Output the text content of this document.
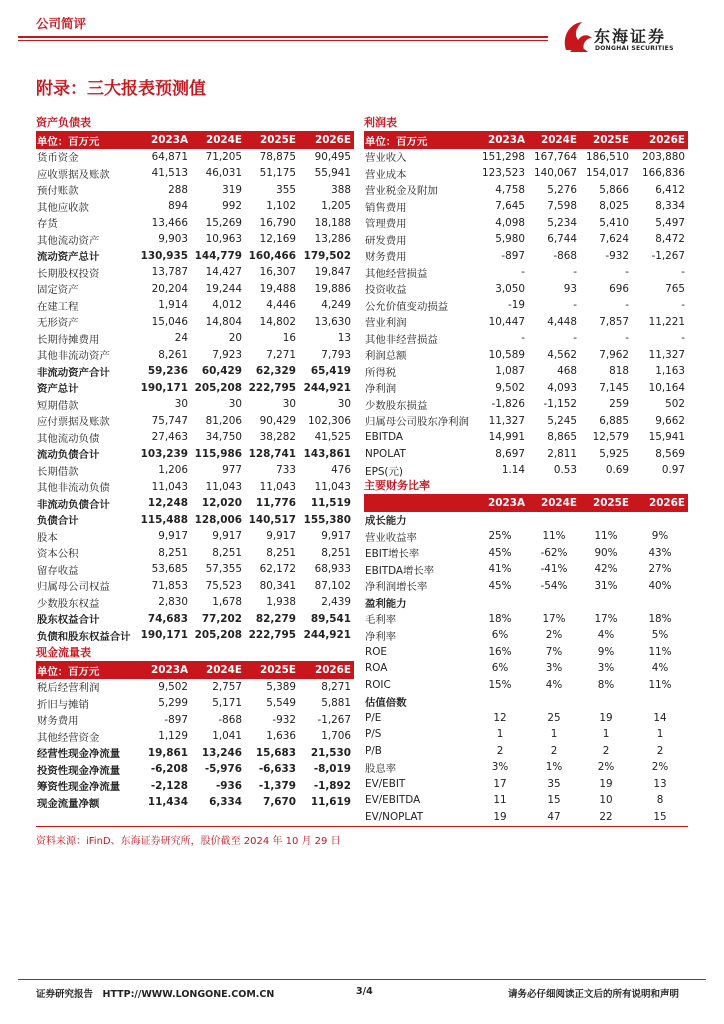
公司简评
东海证券
DONGHAI SECURITIES
附录：三大报表预测值
资产负债表
单位：百万元	2023A	2024E	2025E	2026E
货币资金	64,871	71,205	78,875	90,495
应收票据及账款	41,513	46,031	51,175	55,941
预付账款	288	319	355	388
其他应收款	894	992	1,102	1,205
存货	13,466	15,269	16,790	18,188
其他流动资产	9,903	10,963	12,169	13,286
流动资产总计	130,935	144,779	160,466	179,502
长期股权投资	13,787	14,427	16,307	19,847
固定资产	20,204	19,244	19,488	19,886
在建工程	1,914	4,012	4,446	4,249
无形资产	15,046	14,804	14,802	13,630
长期待摊费用	24	20	16	13
其他非流动资产	8,261	7,923	7,271	7,793
非流动资产合计	59,236	60,429	62,329	65,419
资产总计	190,171	205,208	222,795	244,921
短期借款	30	30	30	30
应付票据及账款	75,747	81,206	90,429	102,306
其他流动负债	27,463	34,750	38,282	41,525
流动负债合计	103,239	115,986	128,741	143,861
长期借款	1,206	977	733	476
其他非流动负债	11,043	11,043	11,043	11,043
非流动负债合计	12,248	12,020	11,776	11,519
负债合计	115,488	128,006	140,517	155,380
股本	9,917	9,917	9,917	9,917
资本公积	8,251	8,251	8,251	8,251
留存收益	53,685	57,355	62,172	68,933
归属母公司权益	71,853	75,523	80,341	87,102
少数股东权益	2,830	1,678	1,938	2,439
股东权益合计	74,683	77,202	82,279	89,541
负债和股东权益合计	190,171	205,208	222,795	244,921
现金流量表
单位：百万元	2023A	2024E	2025E	2026E
税后经营利润	9,502	2,757	5,389	8,271
折旧与摊销	5,299	5,171	5,549	5,881
财务费用	-897	-868	-932	-1,267
其他经营资金	1,129	1,041	1,636	1,706
经营性现金净流量	19,861	13,246	15,683	21,530
投资性现金净流量	-6,208	-5,976	-6,633	-8,019
筹资性现金净流量	-2,128	-936	-1,379	-1,892
现金流量净额	11,434	6,334	7,670	11,619
利润表
单位：百万元	2023A	2024E	2025E	2026E
营业收入	151,298	167,764	186,510	203,880
营业成本	123,523	140,067	154,017	166,836
营业税金及附加	4,758	5,276	5,866	6,412
销售费用	7,645	7,598	8,025	8,334
管理费用	4,098	5,234	5,410	5,497
研发费用	5,980	6,744	7,624	8,472
财务费用	-897	-868	-932	-1,267
其他经营损益	-	-	-	-
投资收益	3,050	93	696	765
公允价值变动损益	-19	-	-	-
营业利润	10,447	4,448	7,857	11,221
其他非经营损益	-	-	-	-
利润总额	10,589	4,562	7,962	11,327
所得税	1,087	468	818	1,163
净利润	9,502	4,093	7,145	10,164
少数股东损益	-1,826	-1,152	259	502
归属母公司股东净利润	11,327	5,245	6,885	9,662
EBITDA	14,991	8,865	12,579	15,941
NPOLAT	8,697	2,811	5,925	8,569
EPS(元)	1.14	0.53	0.69	0.97
主要财务比率
	2023A	2024E	2025E	2026E
成长能力				
营业收益率	25%	11%	11%	9%
EBIT增长率	45%	-62%	90%	43%
EBITDA增长率	41%	-41%	42%	27%
净利润增长率	45%	-54%	31%	40%
盈利能力				
毛利率	18%	17%	17%	18%
净利率	6%	2%	4%	5%
ROE	16%	7%	9%	11%
ROA	6%	3%	3%	4%
ROIC	15%	4%	8%	11%
估值倍数				
P/E	12	25	19	14
P/S	1	1	1	1
P/B	2	2	2	2
股息率	3%	1%	2%	2%
EV/EBIT	17	35	19	13
EV/EBITDA	11	15	10	8
EV/NOPLAT	19	47	22	15
资料来源：iFinD、东海证券研究所，股价截至 2024 年 10 月 29 日
证券研究报告　HTTP://WWW.LONGONE.COM.CN	3/4	请务必仔细阅读正文后的所有说明和声明
